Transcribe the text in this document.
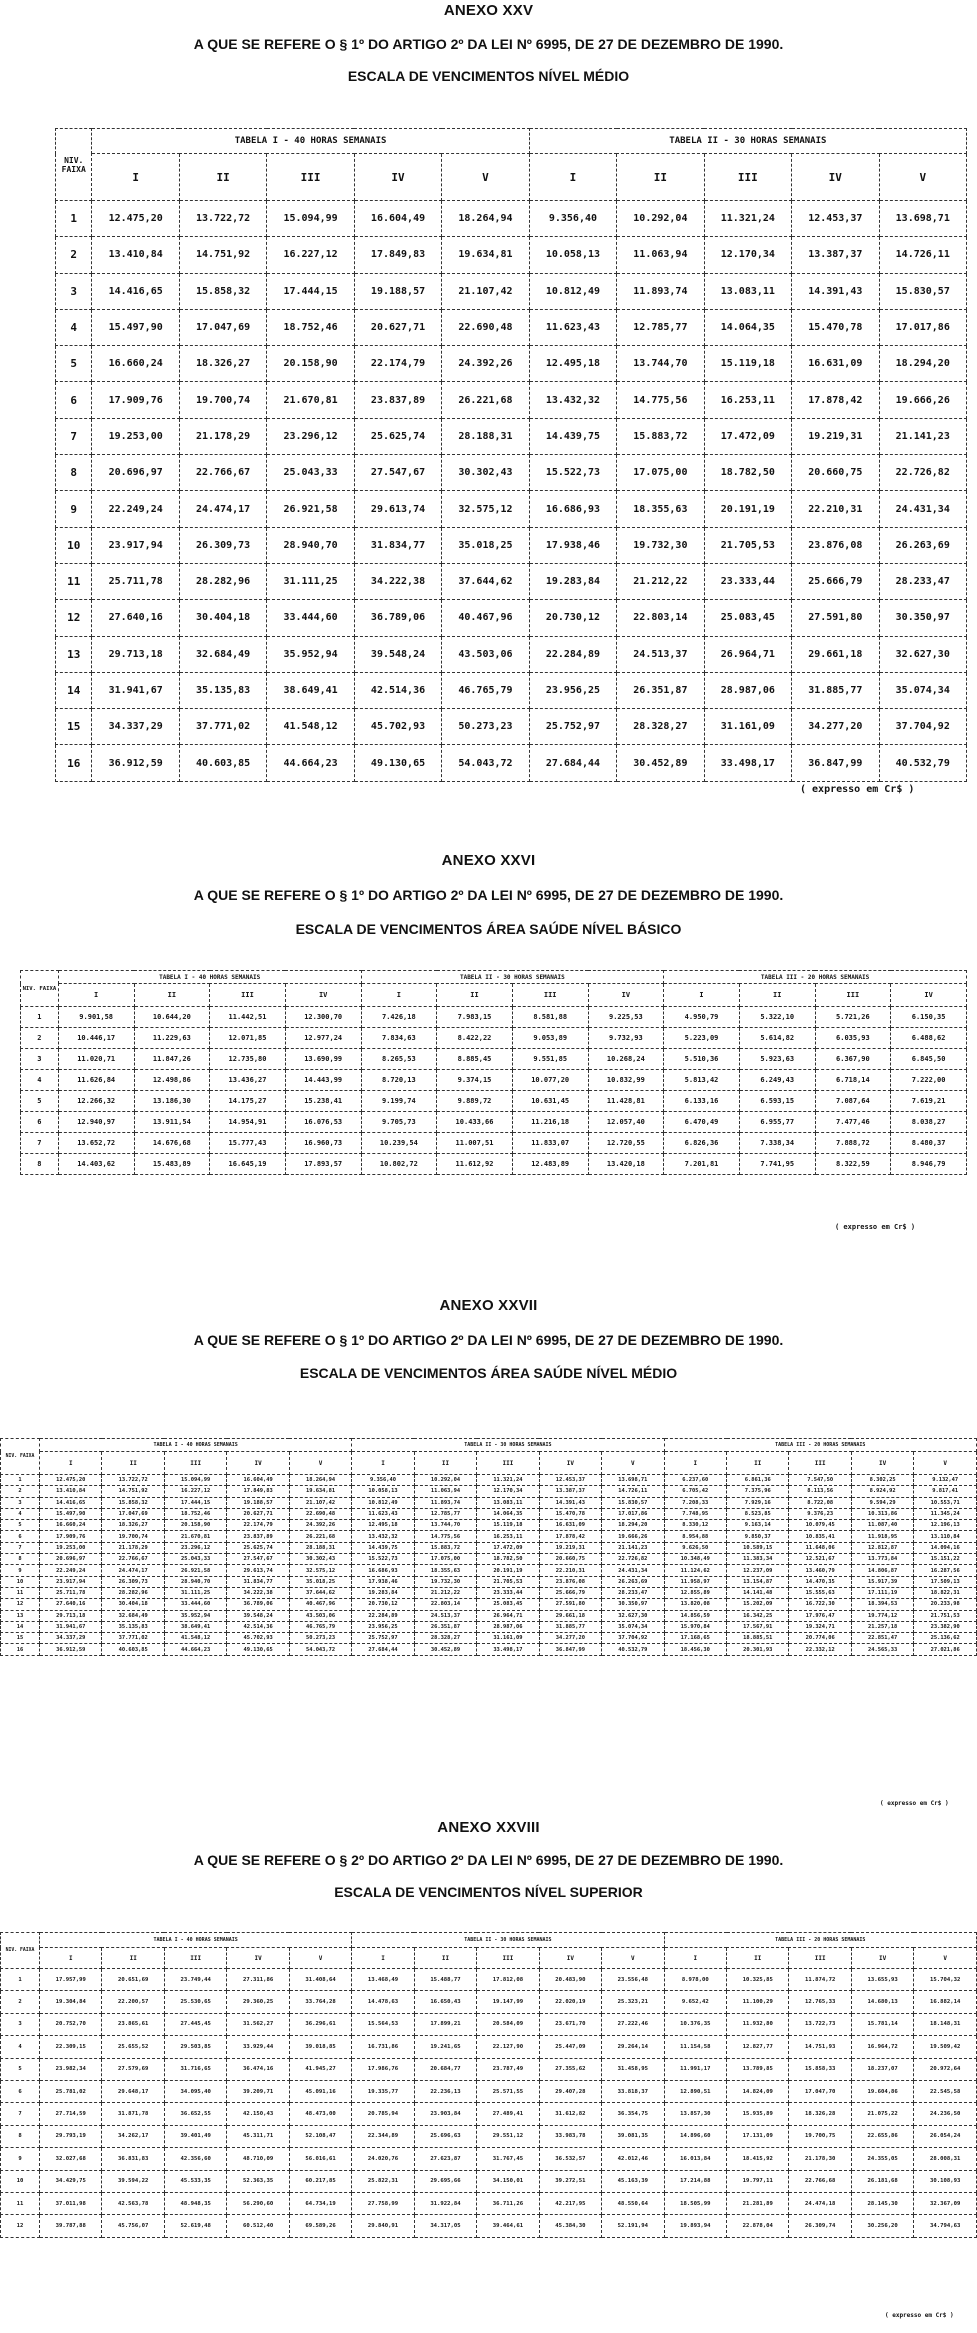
ANEXO XXV
A QUE SE REFERE O § 1º DO ARTIGO 2º DA LEI Nº 6995, DE 27 DE DEZEMBRO DE 1990.
ESCALA DE VENCIMENTOS NÍVEL MÉDIO
NIV. FAIXA	TABELA I - 40 HORAS SEMANAIS					TABELA II - 30 HORAS SEMANAIS				
	I	II	III	IV	V	I	II	III	IV	V
1	12.475,20	13.722,72	15.094,99	16.604,49	18.264,94	9.356,40	10.292,04	11.321,24	12.453,37	13.698,71
2	13.410,84	14.751,92	16.227,12	17.849,83	19.634,81	10.058,13	11.063,94	12.170,34	13.387,37	14.726,11
3	14.416,65	15.858,32	17.444,15	19.188,57	21.107,42	10.812,49	11.893,74	13.083,11	14.391,43	15.830,57
4	15.497,90	17.047,69	18.752,46	20.627,71	22.690,48	11.623,43	12.785,77	14.064,35	15.470,78	17.017,86
5	16.660,24	18.326,27	20.158,90	22.174,79	24.392,26	12.495,18	13.744,70	15.119,18	16.631,09	18.294,20
6	17.909,76	19.700,74	21.670,81	23.837,89	26.221,68	13.432,32	14.775,56	16.253,11	17.878,42	19.666,26
7	19.253,00	21.178,29	23.296,12	25.625,74	28.188,31	14.439,75	15.883,72	17.472,09	19.219,31	21.141,23
8	20.696,97	22.766,67	25.043,33	27.547,67	30.302,43	15.522,73	17.075,00	18.782,50	20.660,75	22.726,82
9	22.249,24	24.474,17	26.921,58	29.613,74	32.575,12	16.686,93	18.355,63	20.191,19	22.210,31	24.431,34
10	23.917,94	26.309,73	28.940,70	31.834,77	35.018,25	17.938,46	19.732,30	21.705,53	23.876,08	26.263,69
11	25.711,78	28.282,96	31.111,25	34.222,38	37.644,62	19.283,84	21.212,22	23.333,44	25.666,79	28.233,47
12	27.640,16	30.404,18	33.444,60	36.789,06	40.467,96	20.730,12	22.803,14	25.083,45	27.591,80	30.350,97
13	29.713,18	32.684,49	35.952,94	39.548,24	43.503,06	22.284,89	24.513,37	26.964,71	29.661,18	32.627,30
14	31.941,67	35.135,83	38.649,41	42.514,36	46.765,79	23.956,25	26.351,87	28.987,06	31.885,77	35.074,34
15	34.337,29	37.771,02	41.548,12	45.702,93	50.273,23	25.752,97	28.328,27	31.161,09	34.277,20	37.704,92
16	36.912,59	40.603,85	44.664,23	49.130,65	54.043,72	27.684,44	30.452,89	33.498,17	36.847,99	40.532,79
( expresso em Cr$ )
ANEXO XXVI
A QUE SE REFERE O § 1º DO ARTIGO 2º DA LEI Nº 6995, DE 27 DE DEZEMBRO DE 1990.
ESCALA DE VENCIMENTOS ÁREA SAÚDE NÍVEL BÁSICO
NIV. FAIXA	TABELA I - 40 HORAS SEMANAIS				TABELA II - 30 HORAS SEMANAIS				TABELA III - 20 HORAS SEMANAIS			
	I	II	III	IV	I	II	III	IV	I	II	III	IV
1	9.901,58	10.644,20	11.442,51	12.300,70	7.426,18	7.983,15	8.581,88	9.225,53	4.950,79	5.322,10	5.721,26	6.150,35
2	10.446,17	11.229,63	12.071,85	12.977,24	7.834,63	8.422,22	9.053,89	9.732,93	5.223,09	5.614,82	6.035,93	6.488,62
3	11.020,71	11.847,26	12.735,80	13.690,99	8.265,53	8.885,45	9.551,85	10.268,24	5.510,36	5.923,63	6.367,90	6.845,50
4	11.626,84	12.498,86	13.436,27	14.443,99	8.720,13	9.374,15	10.077,20	10.832,99	5.813,42	6.249,43	6.718,14	7.222,00
5	12.266,32	13.186,30	14.175,27	15.238,41	9.199,74	9.889,72	10.631,45	11.428,81	6.133,16	6.593,15	7.087,64	7.619,21
6	12.940,97	13.911,54	14.954,91	16.076,53	9.705,73	10.433,66	11.216,18	12.057,40	6.470,49	6.955,77	7.477,46	8.038,27
7	13.652,72	14.676,68	15.777,43	16.960,73	10.239,54	11.007,51	11.833,07	12.720,55	6.826,36	7.338,34	7.888,72	8.480,37
8	14.403,62	15.483,89	16.645,19	17.893,57	10.802,72	11.612,92	12.483,89	13.420,18	7.201,81	7.741,95	8.322,59	8.946,79
( expresso em Cr$ )
ANEXO XXVII
A QUE SE REFERE O § 1º DO ARTIGO 2º DA LEI Nº 6995, DE 27 DE DEZEMBRO DE 1990.
ESCALA DE VENCIMENTOS ÁREA SAÚDE NÍVEL MÉDIO
NIV. FAIXA	TABELA I - 40 HORAS SEMANAIS					TABELA II - 30 HORAS SEMANAIS					TABELA III - 20 HORAS SEMANAIS				
	I	II	III	IV	V	I	II	III	IV	V	I	II	III	IV	V
1	12.475,20	13.722,72	15.094,99	16.604,49	18.264,94	9.356,40	10.292,04	11.321,24	12.453,37	13.698,71	6.237,60	6.861,36	7.547,50	8.302,25	9.132,47
2	13.410,84	14.751,92	16.227,12	17.849,83	19.634,81	10.058,13	11.063,94	12.170,34	13.387,37	14.726,11	6.705,42	7.375,96	8.113,56	8.924,92	9.817,41
3	14.416,65	15.858,32	17.444,15	19.188,57	21.107,42	10.812,49	11.893,74	13.083,11	14.391,43	15.830,57	7.208,33	7.929,16	8.722,08	9.594,29	10.553,71
4	15.497,90	17.047,69	18.752,46	20.627,71	22.690,48	11.623,43	12.785,77	14.064,35	15.470,78	17.017,86	7.748,95	8.523,85	9.376,23	10.313,86	11.345,24
5	16.660,24	18.326,27	20.158,90	22.174,79	24.392,26	12.495,18	13.744,70	15.119,18	16.631,09	18.294,20	8.330,12	9.163,14	10.079,45	11.087,40	12.196,13
6	17.909,76	19.700,74	21.670,81	23.837,89	26.221,68	13.432,32	14.775,56	16.253,11	17.878,42	19.666,26	8.954,88	9.850,37	10.835,41	11.918,95	13.110,84
7	19.253,00	21.178,29	23.296,12	25.625,74	28.188,31	14.439,75	15.883,72	17.472,09	19.219,31	21.141,23	9.626,50	10.589,15	11.648,06	12.812,87	14.094,16
8	20.696,97	22.766,67	25.043,33	27.547,67	30.302,43	15.522,73	17.075,00	18.782,50	20.660,75	22.726,82	10.348,49	11.383,34	12.521,67	13.773,84	15.151,22
9	22.249,24	24.474,17	26.921,58	29.613,74	32.575,12	16.686,93	18.355,63	20.191,19	22.210,31	24.431,34	11.124,62	12.237,09	13.460,79	14.806,87	16.287,56
10	23.917,94	26.309,73	28.940,70	31.834,77	35.018,25	17.938,46	19.732,30	21.705,53	23.876,08	26.263,69	11.958,97	13.154,87	14.470,35	15.917,39	17.509,13
11	25.711,78	28.282,96	31.111,25	34.222,38	37.644,62	19.283,84	21.212,22	23.333,44	25.666,79	28.233,47	12.855,89	14.141,48	15.555,63	17.111,19	18.822,31
12	27.640,16	30.404,18	33.444,60	36.789,06	40.467,96	20.730,12	22.803,14	25.083,45	27.591,80	30.350,97	13.820,08	15.202,09	16.722,30	18.394,53	20.233,98
13	29.713,18	32.684,49	35.952,94	39.548,24	43.503,06	22.284,89	24.513,37	26.964,71	29.661,18	32.627,30	14.856,59	16.342,25	17.976,47	19.774,12	21.751,53
14	31.941,67	35.135,83	38.649,41	42.514,36	46.765,79	23.956,25	26.351,87	28.987,06	31.885,77	35.074,34	15.970,84	17.567,91	19.324,71	21.257,18	23.382,90
15	34.337,29	37.771,02	41.548,12	45.702,93	50.273,23	25.752,97	28.328,27	31.161,09	34.277,20	37.704,92	17.168,65	18.885,51	20.774,06	22.851,47	25.136,62
16	36.912,59	40.603,85	44.664,23	49.130,65	54.043,72	27.684,44	30.452,89	33.498,17	36.847,99	40.532,79	18.456,30	20.301,93	22.332,12	24.565,33	27.021,86
( expresso em Cr$ )
ANEXO XXVIII
A QUE SE REFERE O § 2º DO ARTIGO 2º DA LEI Nº 6995, DE 27 DE DEZEMBRO DE 1990.
ESCALA DE VENCIMENTOS NÍVEL SUPERIOR
NIV. FAIXA	TABELA I - 40 HORAS SEMANAIS					TABELA II - 30 HORAS SEMANAIS					TABELA III - 20 HORAS SEMANAIS				
	I	II	III	IV	V	I	II	III	IV	V	I	II	III	IV	V
1	17.957,99	20.651,69	23.749,44	27.311,86	31.408,64	13.468,49	15.488,77	17.812,08	20.483,90	23.556,48	8.978,00	10.325,85	11.874,72	13.655,93	15.704,32
2	19.304,84	22.200,57	25.530,65	29.360,25	33.764,28	14.478,63	16.650,43	19.147,99	22.020,19	25.323,21	9.652,42	11.100,29	12.765,33	14.680,13	16.882,14
3	20.752,70	23.865,61	27.445,45	31.562,27	36.296,61	15.564,53	17.899,21	20.584,09	23.671,70	27.222,46	10.376,35	11.932,80	13.722,73	15.781,14	18.148,31
4	22.309,15	25.655,52	29.503,85	33.929,44	39.018,85	16.731,86	19.241,65	22.127,90	25.447,09	29.264,14	11.154,58	12.827,77	14.751,93	16.964,72	19.509,42
5	23.982,34	27.579,69	31.716,65	36.474,16	41.945,27	17.986,76	20.684,77	23.787,49	27.355,62	31.458,95	11.991,17	13.789,85	15.858,33	18.237,07	20.972,64
6	25.781,02	29.648,17	34.095,40	39.209,71	45.091,16	19.335,77	22.236,13	25.571,55	29.407,28	33.818,37	12.890,51	14.824,09	17.047,70	19.604,86	22.545,58
7	27.714,59	31.871,78	36.652,55	42.150,43	48.473,00	20.785,94	23.903,84	27.489,41	31.612,82	36.354,75	13.857,30	15.935,89	18.326,28	21.075,22	24.236,50
8	29.793,19	34.262,17	39.401,49	45.311,71	52.108,47	22.344,89	25.696,63	29.551,12	33.983,78	39.081,35	14.896,60	17.131,09	19.700,75	22.655,86	26.054,24
9	32.027,68	36.831,83	42.356,60	48.710,09	56.016,61	24.020,76	27.623,87	31.767,45	36.532,57	42.012,46	16.013,84	18.415,92	21.178,30	24.355,05	28.008,31
10	34.429,75	39.594,22	45.533,35	52.363,35	60.217,85	25.822,31	29.695,66	34.150,01	39.272,51	45.163,39	17.214,88	19.797,11	22.766,68	26.181,68	30.108,93
11	37.011,98	42.563,78	48.948,35	56.290,60	64.734,19	27.758,99	31.922,84	36.711,26	42.217,95	48.550,64	18.505,99	21.281,89	24.474,18	28.145,30	32.367,09
12	39.787,88	45.756,07	52.619,48	60.512,40	69.589,26	29.840,91	34.317,05	39.464,61	45.384,30	52.191,94	19.893,94	22.878,04	26.309,74	30.256,20	34.794,63
( expresso em Cr$ )
